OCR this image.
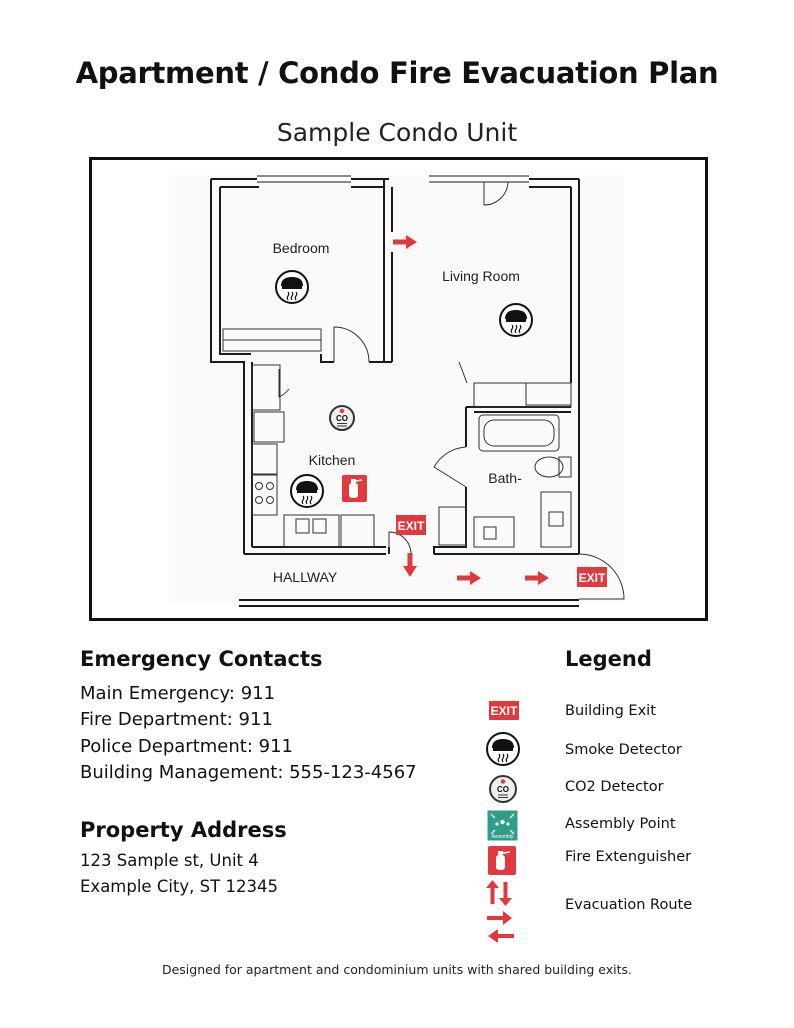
Apartment / Condo Fire Evacuation Plan
Sample Condo Unit
Bedroom
Living Room
Kitchen
Bath-
HALLWAY
CO
EXIT
EXIT
Emergency Contacts
Main Emergency: 911
Fire Department: 911
Police Department: 911
Building Management: 555-123-4567
Property Address
123 Sample st, Unit 4
Example City, ST 12345
Legend
EXIT	Building Exit
Smoke Detector
CO	CO2 Detector
Assembly
Assembly Point
Fire Extenguisher
Evacuation Route
Designed for apartment and condominium units with shared building exits.
